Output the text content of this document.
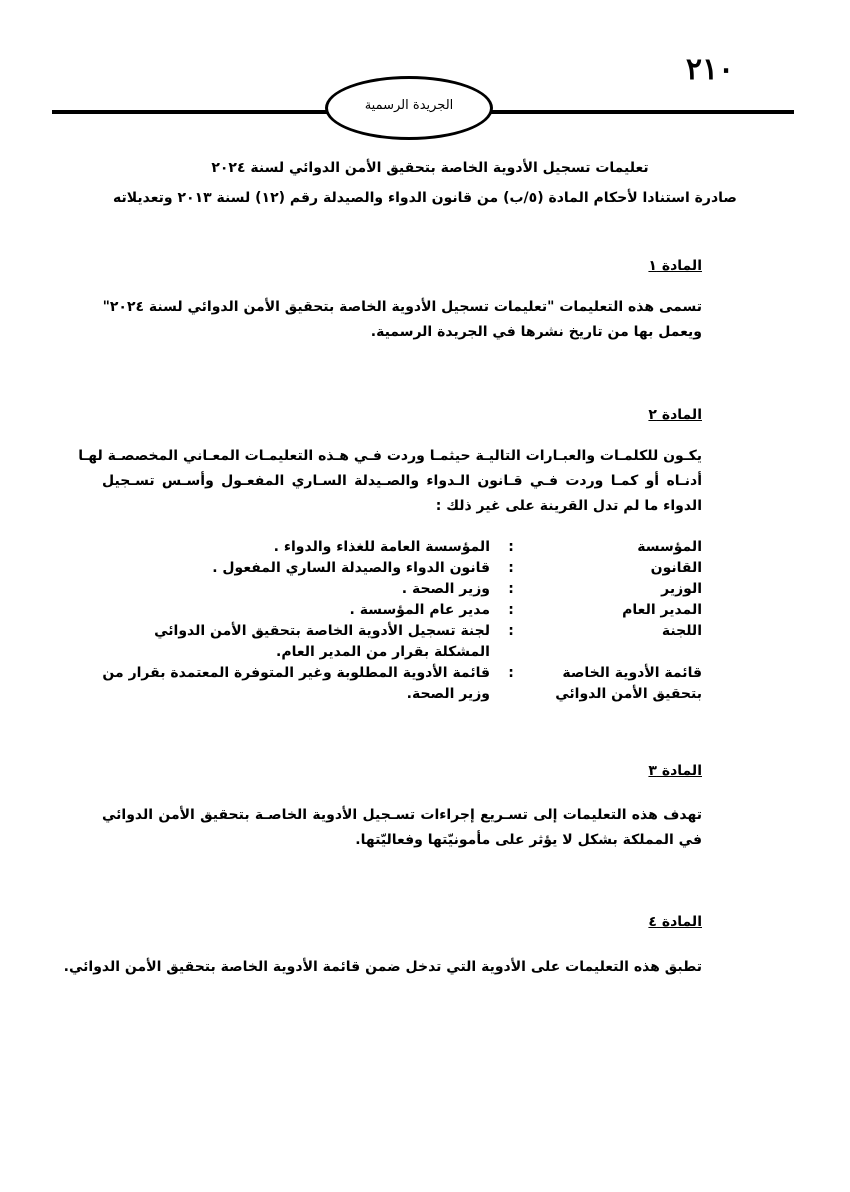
٢١٠
الجريدة الرسمية
تعليمات تسجيل الأدوية الخاصة بتحقيق الأمن الدوائي لسنة ٢٠٢٤
صادرة استنادا لأحكام المادة (٥/ب) من قانون الدواء والصيدلة رقم (١٢) لسنة ٢٠١٣ وتعديلاته
المادة ١
تسمى هذه التعليمات "تعليمات تسجيل الأدوية الخاصة بتحقيق الأمن الدوائي لسنة ٢٠٢٤"
ويعمل بها من تاريخ نشرها في الجريدة الرسمية.
المادة ٢
يكـون للكلمـات والعبـارات التاليـة حيثمـا وردت فـي هـذه التعليمـات المعـاني المخصصـة لهـا
أدنـاه أو كمـا وردت فـي قـانون الـدواء والصـيدلة السـاري المفعـول وأسـس تسـجيل
الدواء ما لم تدل القرينة على غير ذلك :
المؤسسة
:
المؤسسة العامة للغذاء والدواء .
القانون
:
قانون الدواء والصيدلة الساري المفعول .
الوزير
:
وزير الصحة .
المدير العام
:
مدير عام المؤسسة .
اللجنة
:
لجنة تسجيل الأدوية الخاصة بتحقيق الأمن الدوائي المشكلة بقرار من المدير العام.
قائمة الأدوية الخاصة بتحقيق الأمن الدوائي
:
قائمة الأدوية المطلوبة وغير المتوفرة المعتمدة بقرار من وزير الصحة.
المادة ٣
تهدف هذه التعليمات إلى تسـريع إجراءات تسـجيل الأدوية الخاصـة بتحقيق الأمن الدوائي
في المملكة بشكل لا يؤثر على مأمونيّتها وفعاليّتها.
المادة ٤
تطبق هذه التعليمات على الأدوية التي تدخل ضمن قائمة الأدوية الخاصة بتحقيق الأمن الدوائي.
